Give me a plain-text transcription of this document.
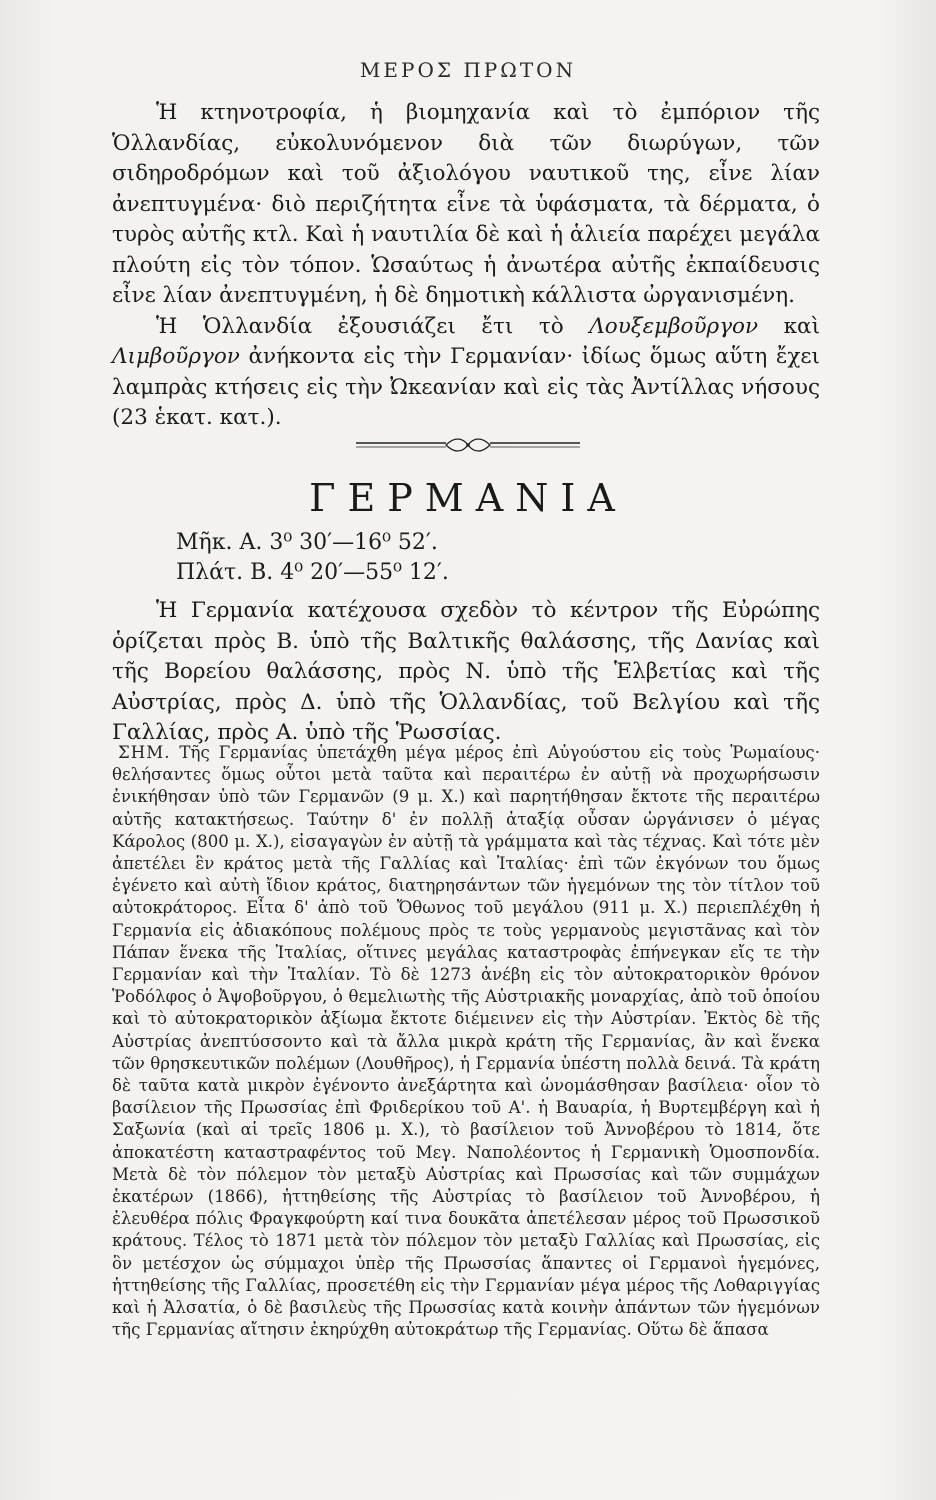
ΜΕΡΟΣ ΠΡΩΤΟΝ

Ἡ κτηνοτροφία, ἡ βιομηχανία καὶ τὸ ἐμπόριον τῆς Ὁλλανδίας, εὐκολυνόμενον διὰ τῶν διωρύγων, τῶν σιδηροδρόμων καὶ τοῦ ἀξιολόγου ναυτικοῦ της, εἶνε λίαν ἀνεπτυγμένα· διὸ περιζήτητα εἶνε τὰ ὑφάσματα, τὰ δέρματα, ὁ τυρὸς αὐτῆς κτλ. Καὶ ἡ ναυτιλία δὲ καὶ ἡ ἁλιεία παρέχει μεγάλα πλούτη εἰς τὸν τόπον. Ὡσαύτως ἡ ἀνωτέρα αὐτῆς ἐκπαίδευσις εἶνε λίαν ἀνεπτυγμένη, ἡ δὲ δημοτικὴ κάλλιστα ὠργανισμένη.

Ἡ Ὁλλανδία ἐξουσιάζει ἔτι τὸ Λουξεμβοῦργον καὶ Λιμβοῦργον ἀνήκοντα εἰς τὴν Γερμανίαν· ἰδίως ὅμως αὕτη ἔχει λαμπρὰς κτήσεις εἰς τὴν Ὠκεανίαν καὶ εἰς τὰς Ἀντίλλας νήσους (23 ἑκατ. κατ.).

ΓΕΡΜΑΝΙΑ
Μῆκ. Α. 3⁰ 30′—16⁰ 52′.
Πλάτ. Β. 4⁰ 20′—55⁰ 12′.

Ἡ Γερμανία κατέχουσα σχεδὸν τὸ κέντρον τῆς Εὐρώπης ὁρίζεται πρὸς Β. ὑπὸ τῆς Βαλτικῆς θαλάσσης, τῆς Δανίας καὶ τῆς Βορείου θαλάσσης, πρὸς Ν. ὑπὸ τῆς Ἑλβετίας καὶ τῆς Αὐστρίας, πρὸς Δ. ὑπὸ τῆς Ὁλλανδίας, τοῦ Βελγίου καὶ τῆς Γαλλίας, πρὸς Α. ὑπὸ τῆς Ῥωσσίας.

ΣΗΜ. Τῆς Γερμανίας ὑπετάχθη μέγα μέρος ἐπὶ Αὐγούστου εἰς τοὺς Ῥωμαίους· θελήσαντες ὅμως οὗτοι μετὰ ταῦτα καὶ περαιτέρω ἐν αὐτῇ νὰ προχωρήσωσιν ἐνικήθησαν ὑπὸ τῶν Γερμανῶν (9 μ. Χ.) καὶ παρητήθησαν ἔκτοτε τῆς περαιτέρω αὐτῆς κατακτήσεως. Ταύτην δ' ἐν πολλῇ ἀταξίᾳ οὖσαν ὠργάνισεν ὁ μέγας Κάρολος (800 μ. Χ.), εἰσαγαγὼν ἐν αὐτῇ τὰ γράμματα καὶ τὰς τέχνας. Καὶ τότε μὲν ἀπετέλει ἓν κράτος μετὰ τῆς Γαλλίας καὶ Ἰταλίας· ἐπὶ τῶν ἐκγόνων του ὅμως ἐγένετο καὶ αὐτὴ ἴδιον κράτος, διατηρησάντων τῶν ἡγεμόνων της τὸν τίτλον τοῦ αὐτοκράτορος. Εἶτα δ' ἀπὸ τοῦ Ὄθωνος τοῦ μεγάλου (911 μ. Χ.) περιεπλέχθη ἡ Γερμανία εἰς ἀδιακόπους πολέμους πρὸς τε τοὺς γερμανοὺς μεγιστᾶνας καὶ τὸν Πάπαν ἕνεκα τῆς Ἰταλίας, οἵτινες μεγάλας καταστροφὰς ἐπήνεγκαν εἴς τε τὴν Γερμανίαν καὶ τὴν Ἰταλίαν. Τὸ δὲ 1273 ἀνέβη εἰς τὸν αὐτοκρατορικὸν θρόνον Ῥοδόλφος ὁ Ἀψοβοῦργου, ὁ θεμελιωτὴς τῆς Αὐστριακῆς μοναρχίας, ἀπὸ τοῦ ὁποίου καὶ τὸ αὐτοκρατορικὸν ἀξίωμα ἔκτοτε διέμεινεν εἰς τὴν Αὐστρίαν. Ἐκτὸς δὲ τῆς Αὐστρίας ἀνεπτύσσοντο καὶ τὰ ἄλλα μικρὰ κράτη τῆς Γερμανίας, ἂν καὶ ἕνεκα τῶν θρησκευτικῶν πολέμων (Λουθῆρος), ἡ Γερμανία ὑπέστη πολλὰ δεινά. Τὰ κράτη δὲ ταῦτα κατὰ μικρὸν ἐγένοντο ἀνεξάρτητα καὶ ὠνομάσθησαν βασίλεια· οἷον τὸ βασίλειον τῆς Πρωσσίας ἐπὶ Φριδερίκου τοῦ Α'. ἡ Βαυαρία, ἡ Βυρτεμβέργη καὶ ἡ Σαξωνία (καὶ αἱ τρεῖς 1806 μ. Χ.), τὸ βασίλειον τοῦ Ἀννοβέρου τὸ 1814, ὅτε ἀποκατέστη καταστραφέντος τοῦ Μεγ. Ναπολέοντος ἡ Γερμανικὴ Ὁμοσπονδία. Μετὰ δὲ τὸν πόλεμον τὸν μεταξὺ Αὐστρίας καὶ Πρωσσίας καὶ τῶν συμμάχων ἑκατέρων (1866), ἡττηθείσης τῆς Αὐστρίας τὸ βασίλειον τοῦ Ἀννοβέρου, ἡ ἐλευθέρα πόλις Φραγκφούρτη καί τινα δουκᾶτα ἀπετέλεσαν μέρος τοῦ Πρωσσικοῦ κράτους. Τέλος τὸ 1871 μετὰ τὸν πόλεμον τὸν μεταξὺ Γαλλίας καὶ Πρωσσίας, εἰς ὃν μετέσχον ὡς σύμμαχοι ὑπὲρ τῆς Πρωσσίας ἅπαντες οἱ Γερμανοὶ ἡγεμόνες, ἡττηθείσης τῆς Γαλλίας, προσετέθη εἰς τὴν Γερμανίαν μέγα μέρος τῆς Λοθαριγγίας καὶ ἡ Ἀλσατία, ὁ δὲ βασιλεὺς τῆς Πρωσσίας κατὰ κοινὴν ἁπάντων τῶν ἡγεμόνων τῆς Γερμανίας αἴτησιν ἐκηρύχθη αὐτοκράτωρ τῆς Γερμανίας. Οὕτω δὲ ἅπασα
